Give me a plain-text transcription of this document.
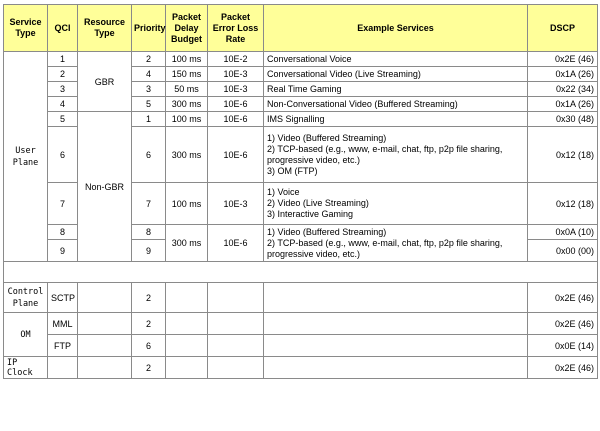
Service Type	QCI	Resource Type	Priority	Packet Delay Budget	Packet Error Loss Rate	Example Services	DSCP
User Plane	1	GBR	2	100 ms	10E-2	Conversational Voice	0x2E (46)
	2		4	150 ms	10E-3	Conversational Video (Live Streaming)	0x1A (26)
	3		3	50 ms	10E-3	Real Time Gaming	0x22 (34)
	4		5	300 ms	10E-6	Non-Conversational Video (Buffered Streaming)	0x1A (26)
	5	Non-GBR	1	100 ms	10E-6	IMS Signalling	0x30 (48)
	6		6	300 ms	10E-6	1) Video (Buffered Streaming)
2) TCP-based (e.g., www, e-mail, chat, ftp, p2p file sharing, progressive video, etc.)
3) OM (FTP)	0x12 (18)
	7		7	100 ms	10E-3	1) Voice
2) Video (Live Streaming)
3) Interactive Gaming	0x12 (18)
	8		8	300 ms	10E-6	1) Video (Buffered Streaming)
2) TCP-based (e.g., www, e-mail, chat, ftp, p2p file sharing, progressive video, etc.)	0x0A (10)
	9		9				0x00 (00)

Control Plane	SCTP		2				0x2E (46)
OM	MML		2				0x2E (46)
	FTP		6				0x0E (14)
IP Clock			2				0x2E (46)
